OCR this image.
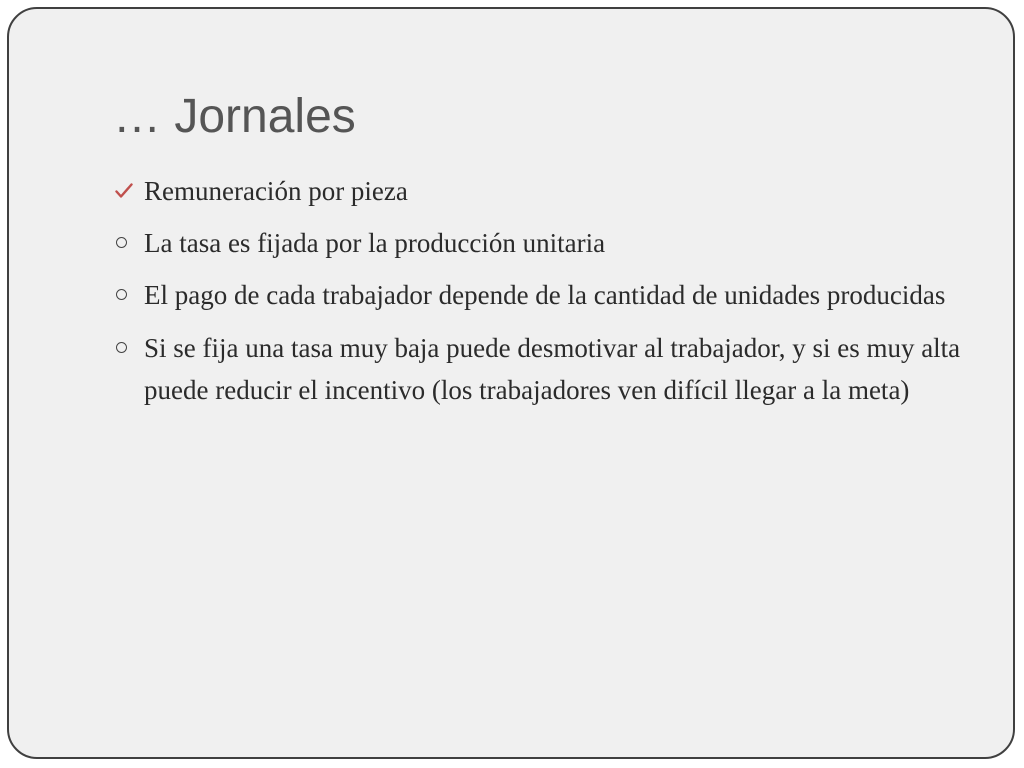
… Jornales
Remuneración por pieza
La tasa es fijada por la producción unitaria
El pago de cada trabajador depende de la cantidad de unidades producidas
Si se fija una tasa muy baja puede desmotivar al trabajador, y si es muy alta puede reducir el incentivo (los trabajadores ven difícil llegar a la meta)
